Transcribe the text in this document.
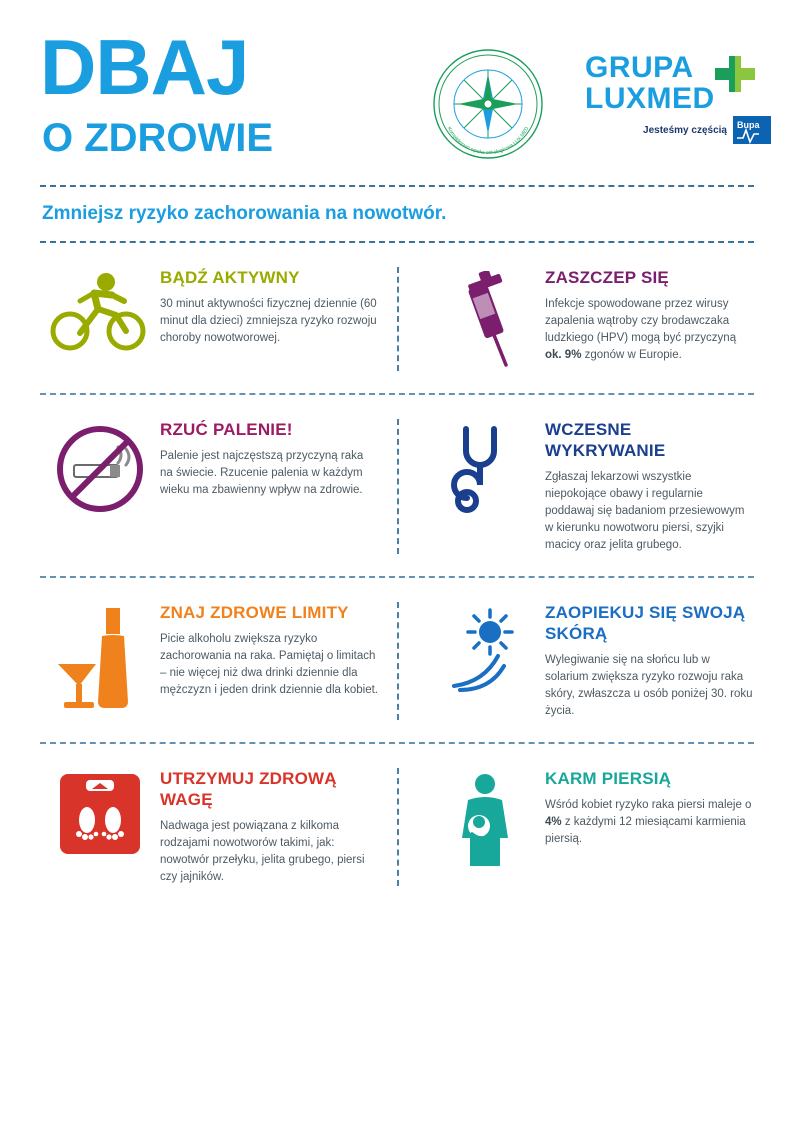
DBAJ
O ZDROWIE	Kompleksowa opieka onkologiczna LUX MED
GRUPA
LUXMED
Jesteśmy częścią Bupa
Zmniejsz ryzyko zachorowania na nowotwór.
BĄDŹ AKTYWNY

30 minut aktywności fizycznej dziennie (60 minut dla dzieci) zmniejsza ryzyko rozwoju choroby nowotworowej.

ZASZCZEP SIĘ

Infekcje spowodowane przez wirusy zapalenia wątroby czy brodawczaka ludzkiego (HPV) mogą być przyczyną ok. 9% zgonów w Europie.

RZUĆ PALENIE!

Palenie jest najczęstszą przyczyną raka na świecie. Rzucenie palenia w każdym wieku ma zbawienny wpływ na zdrowie.

WCZESNE WYKRYWANIE

Zgłaszaj lekarzowi wszystkie niepokojące obawy i regularnie poddawaj się badaniom przesiewowym w kierunku nowotworu piersi, szyjki macicy oraz jelita grubego.

ZNAJ ZDROWE LIMITY

Picie alkoholu zwiększa ryzyko zachorowania na raka. Pamiętaj o limitach – nie więcej niż dwa drinki dziennie dla mężczyzn i jeden drink dziennie dla kobiet.

ZAOPIEKUJ SIĘ SWOJĄ SKÓRĄ

Wylegiwanie się na słońcu lub w solarium zwiększa ryzyko rozwoju raka skóry, zwłaszcza u osób poniżej 30. roku życia.

UTRZYMUJ ZDROWĄ WAGĘ

Nadwaga jest powiązana z kilkoma rodzajami nowotworów takimi, jak: nowotwór przełyku, jelita grubego, piersi czy jajników.

KARM PIERSIĄ

Wśród kobiet ryzyko raka piersi maleje o 4% z każdymi 12 miesiącami karmienia piersią.
